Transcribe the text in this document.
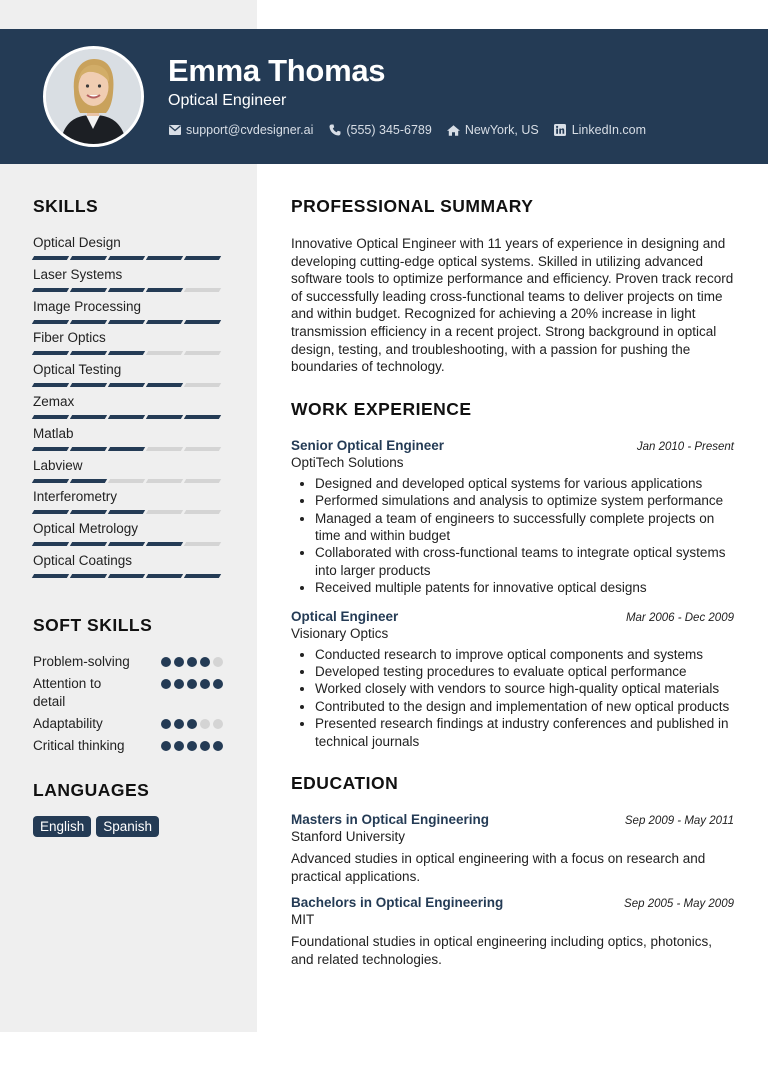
Emma Thomas
Optical Engineer
support@cvdesigner.ai	(555) 345-6789	NewYork, US	LinkedIn.com
SKILLS
Optical Design
Laser Systems
Image Processing
Fiber Optics
Optical Testing
Zemax
Matlab
Labview
Interferometry
Optical Metrology
Optical Coatings
SOFT SKILLS
Problem-solving
Attention to detail
Adaptability
Critical thinking
LANGUAGES
English	Spanish
PROFESSIONAL SUMMARY
Innovative Optical Engineer with 11 years of experience in designing and developing cutting-edge optical systems. Skilled in utilizing advanced software tools to optimize performance and efficiency. Proven track record of successfully leading cross-functional teams to deliver projects on time and within budget. Recognized for achieving a 20% increase in light transmission efficiency in a recent project. Strong background in optical design, testing, and troubleshooting, with a passion for pushing the boundaries of technology.
WORK EXPERIENCE
Senior Optical Engineer	Jan 2010 - Present
OptiTech Solutions
• Designed and developed optical systems for various applications
• Performed simulations and analysis to optimize system performance
• Managed a team of engineers to successfully complete projects on time and within budget
• Collaborated with cross-functional teams to integrate optical systems into larger products
• Received multiple patents for innovative optical designs
Optical Engineer	Mar 2006 - Dec 2009
Visionary Optics
• Conducted research to improve optical components and systems
• Developed testing procedures to evaluate optical performance
• Worked closely with vendors to source high-quality optical materials
• Contributed to the design and implementation of new optical products
• Presented research findings at industry conferences and published in technical journals
EDUCATION
Masters in Optical Engineering	Sep 2009 - May 2011
Stanford University
Advanced studies in optical engineering with a focus on research and practical applications.
Bachelors in Optical Engineering	Sep 2005 - May 2009
MIT
Foundational studies in optical engineering including optics, photonics, and related technologies.
